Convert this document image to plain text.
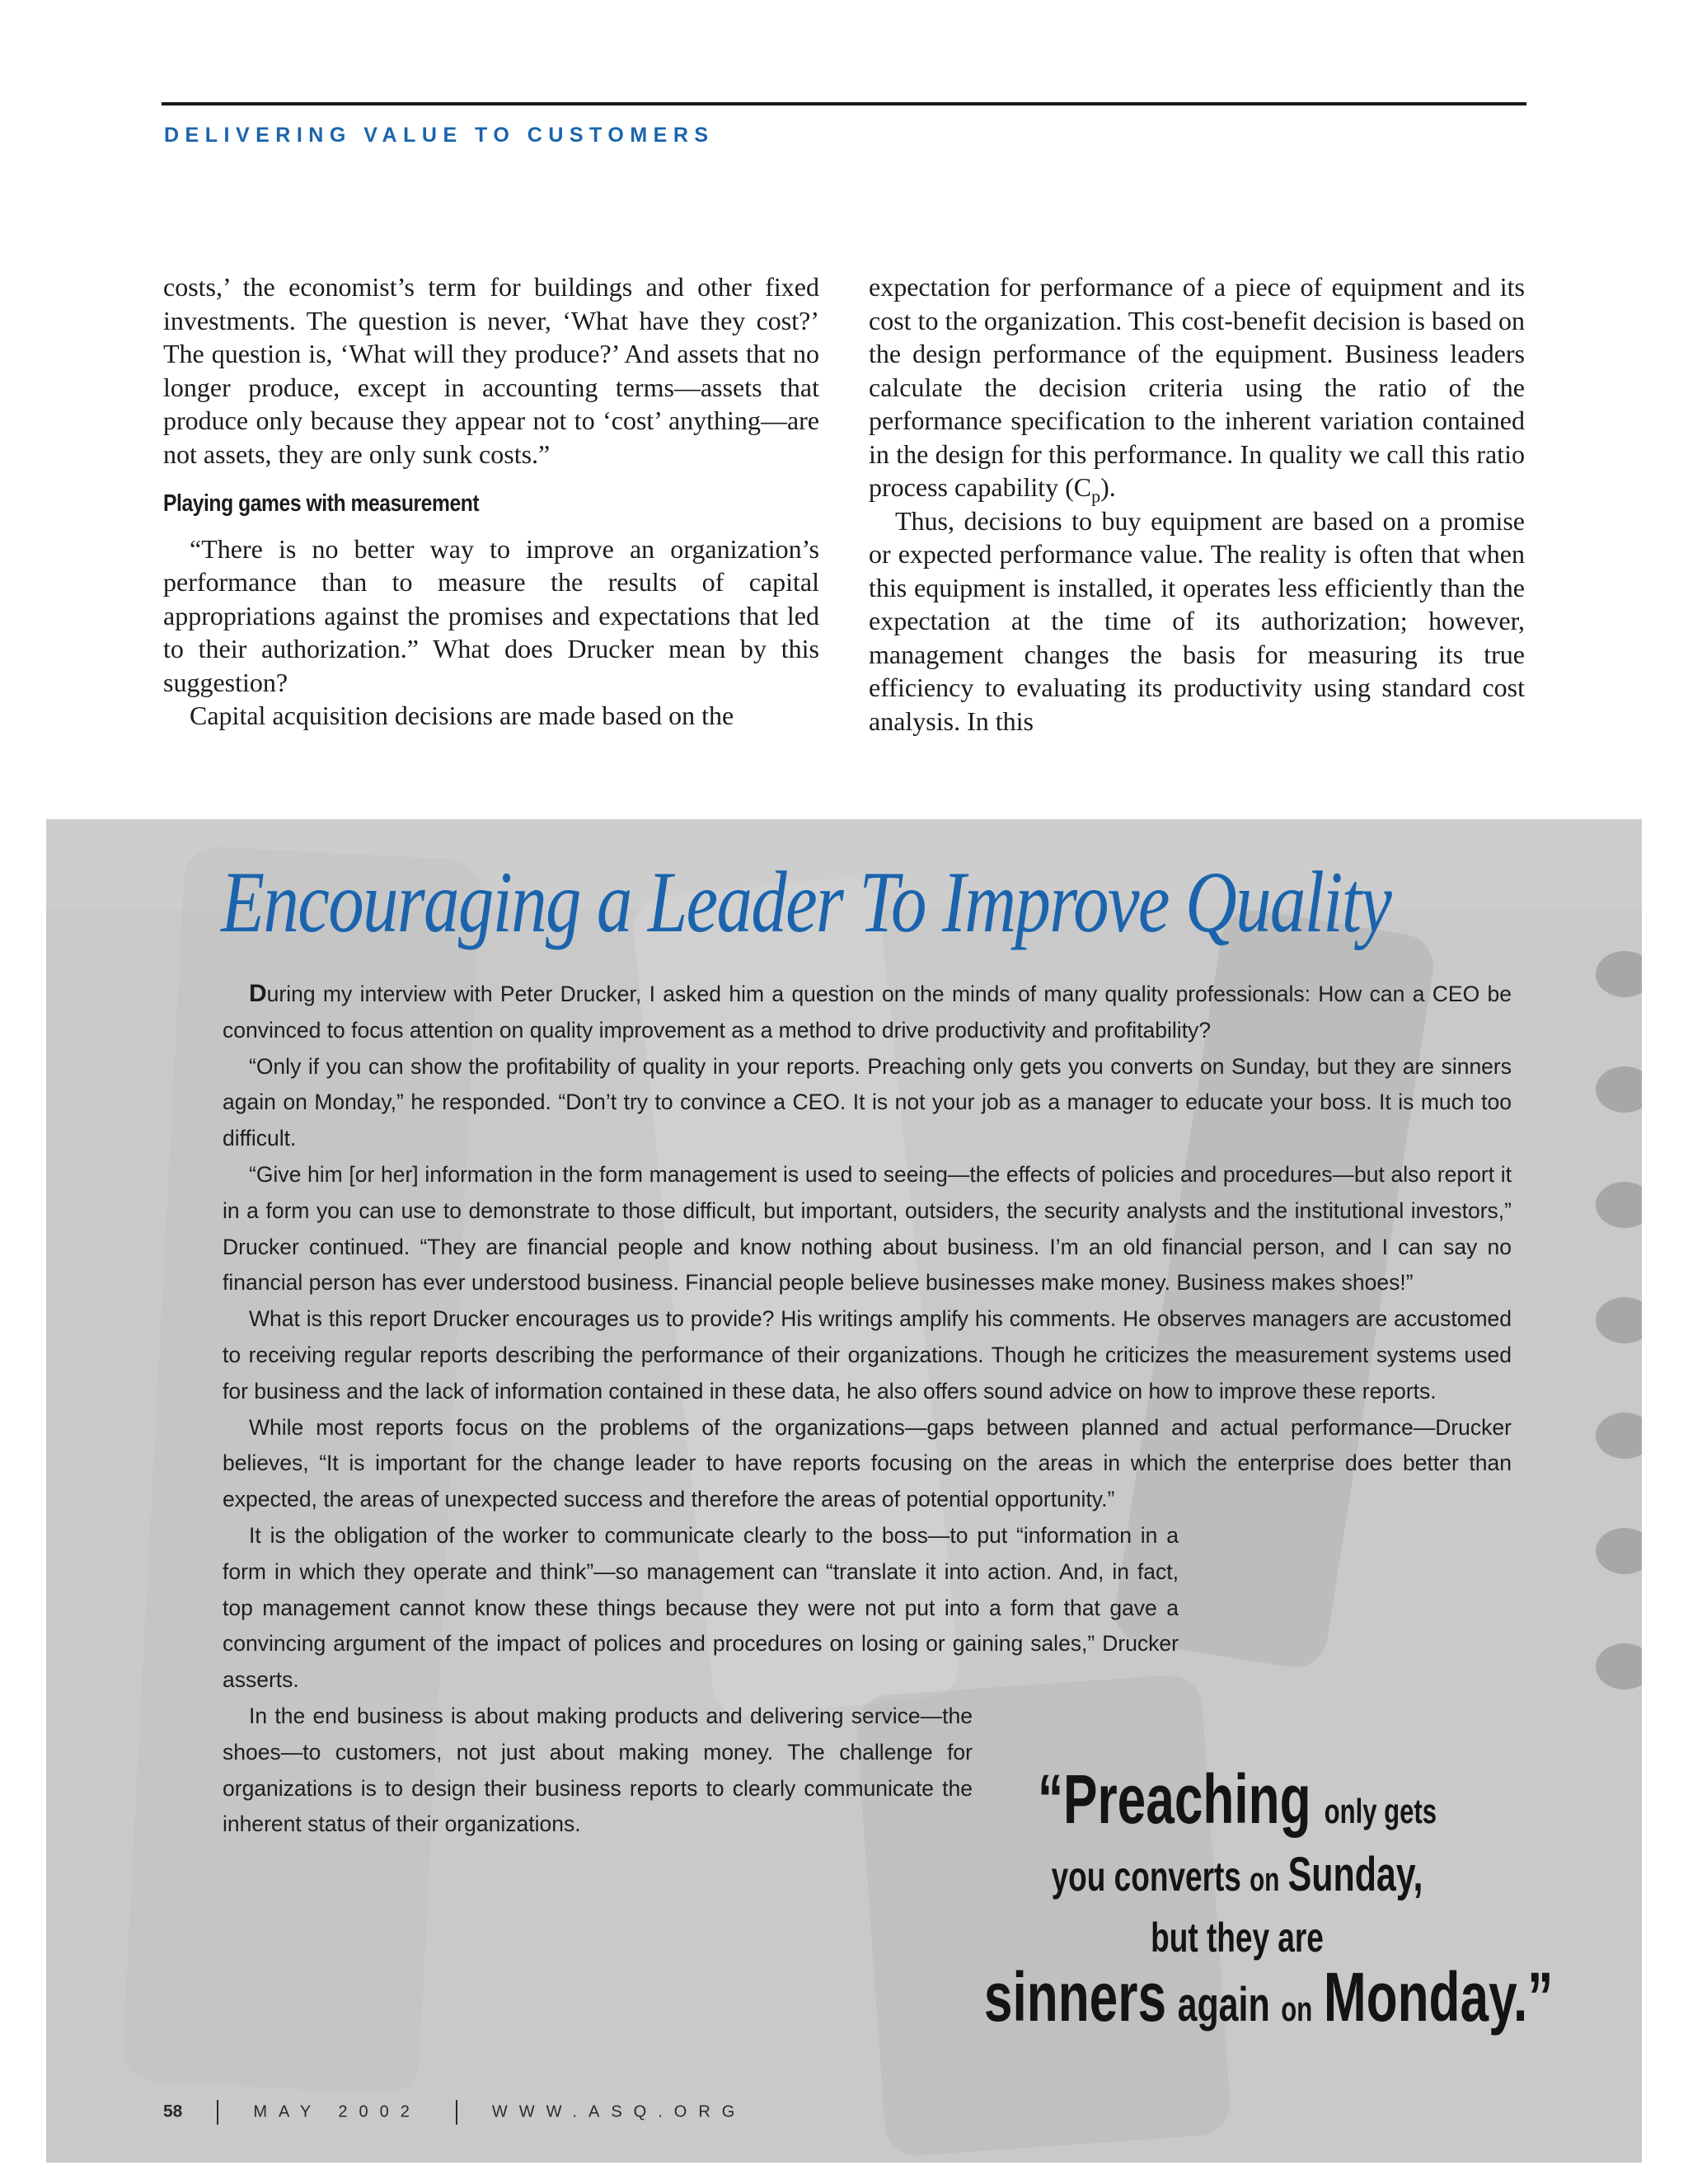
DELIVERING VALUE TO CUSTOMERS

costs,’ the economist’s term for buildings and other fixed investments. The question is never, ‘What have they cost?’ The question is, ‘What will they produce?’ And assets that no longer produce, except in accounting terms—assets that produce only because they appear not to ‘cost’ anything—are not assets, they are only sunk costs.”

Playing games with measurement

“There is no better way to improve an organization’s performance than to measure the results of capital appropriations against the promises and expectations that led to their authorization.” What does Drucker mean by this suggestion?

Capital acquisition decisions are made based on the

expectation for performance of a piece of equipment and its cost to the organization. This cost-benefit decision is based on the design performance of the equipment. Business leaders calculate the decision criteria using the ratio of the performance specification to the inherent variation contained in the design for this performance. In quality we call this ratio process capability $(C_p)$.

Thus, decisions to buy equipment are based on a promise or expected performance value. The reality is often that when this equipment is installed, it operates less efficiently than the expectation at the time of its authorization; however, management changes the basis for measuring its true efficiency to evaluating its productivity using standard cost analysis. In this

Encouraging a Leader To Improve Quality

During my interview with Peter Drucker, I asked him a question on the minds of many quality professionals: How can a CEO be convinced to focus attention on quality improvement as a method to drive productivity and profitability?

“Only if you can show the profitability of quality in your reports. Preaching only gets you converts on Sunday, but they are sinners again on Monday,” he responded. “Don’t try to convince a CEO. It is not your job as a manager to educate your boss. It is much too difficult.

“Give him [or her] information in the form management is used to seeing—the effects of policies and procedures—but also report it in a form you can use to demonstrate to those difficult, but important, outsiders, the security analysts and the institutional investors,” Drucker continued. “They are financial people and know nothing about business. I’m an old financial person, and I can say no financial person has ever understood business. Financial people believe businesses make money. Business makes shoes!”

What is this report Drucker encourages us to provide? His writings amplify his comments. He observes managers are accustomed to receiving regular reports describing the performance of their organizations. Though he criticizes the measurement systems used for business and the lack of information contained in these data, he also offers sound advice on how to improve these reports.

While most reports focus on the problems of the organizations—gaps between planned and actual performance—Drucker believes, “It is important for the change leader to have reports focusing on the areas in which the enterprise does better than expected, the areas of unexpected success and therefore the areas of potential opportunity.”

It is the obligation of the worker to communicate clearly to the boss—to put “information in a form in which they operate and think”—so management can “translate it into action. And, in fact, top management cannot know these things because they were not put into a form that gave a convincing argument of the impact of polices and procedures on losing or gaining sales,” Drucker asserts.

In the end business is about making products and delivering service—the shoes—to customers, not just about making money. The challenge for organizations is to design their business reports to clearly communicate the inherent status of their organizations.	“Preaching only gets
you converts on Sunday,
but they are
sinners again on Monday.”
58	MAY 2002	WWW.ASQ.ORG
